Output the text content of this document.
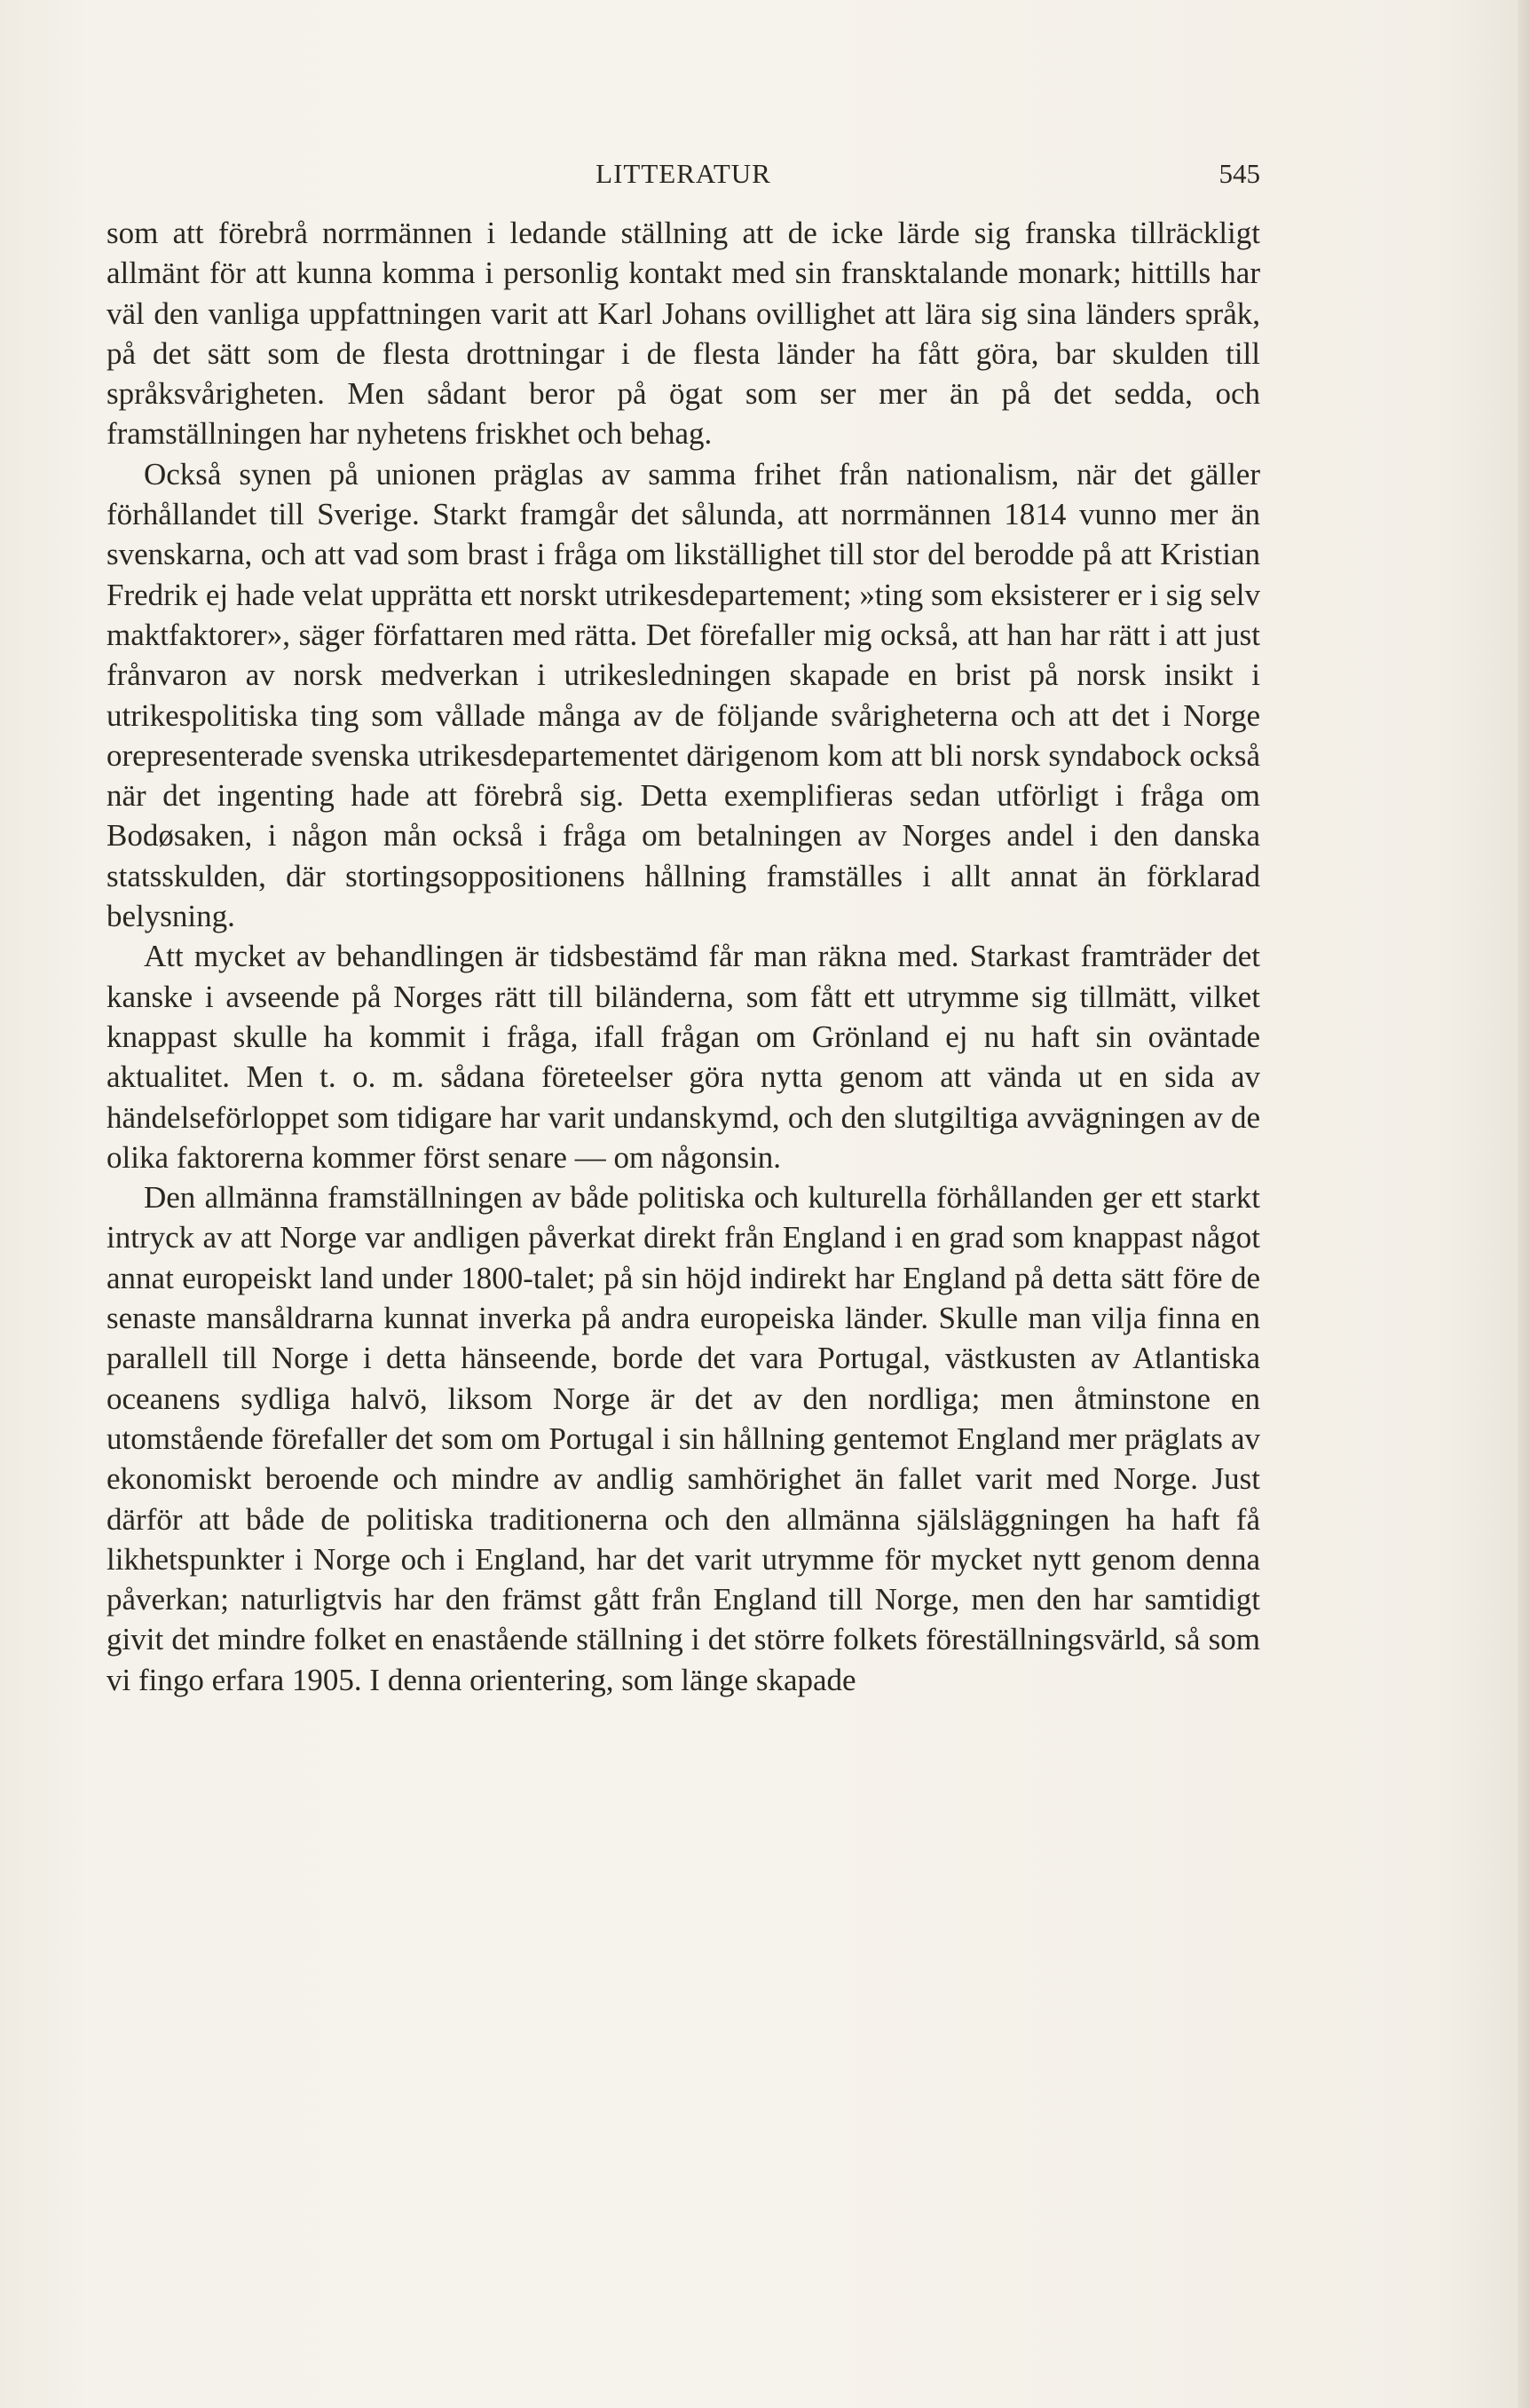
LITTERATUR	545

som att förebrå norrmännen i ledande ställning att de icke lärde sig franska tillräckligt allmänt för att kunna komma i personlig kontakt med sin fransktalande monark; hittills har väl den vanliga uppfattningen varit att Karl Johans ovillighet att lära sig sina länders språk, på det sätt som de flesta drottningar i de flesta länder ha fått göra, bar skulden till språksvårigheten. Men sådant beror på ögat som ser mer än på det sedda, och framställningen har nyhetens friskhet och behag.

Också synen på unionen präglas av samma frihet från nationalism, när det gäller förhållandet till Sverige. Starkt framgår det sålunda, att norrmännen 1814 vunno mer än svenskarna, och att vad som brast i fråga om likställighet till stor del berodde på att Kristian Fredrik ej hade velat upprätta ett norskt utrikesdepartement; »ting som eksisterer er i sig selv maktfaktorer», säger författaren med rätta. Det förefaller mig också, att han har rätt i att just frånvaron av norsk medverkan i utrikesledningen skapade en brist på norsk insikt i utrikespolitiska ting som vållade många av de följande svårigheterna och att det i Norge orepresenterade svenska utrikesdepartementet därigenom kom att bli norsk syndabock också när det ingenting hade att förebrå sig. Detta exemplifieras sedan utförligt i fråga om Bodøsaken, i någon mån också i fråga om betalningen av Norges andel i den danska statsskulden, där stortingsoppositionens hållning framställes i allt annat än förklarad belysning.

Att mycket av behandlingen är tidsbestämd får man räkna med. Starkast framträder det kanske i avseende på Norges rätt till biländerna, som fått ett utrymme sig tillmätt, vilket knappast skulle ha kommit i fråga, ifall frågan om Grönland ej nu haft sin oväntade aktualitet. Men t. o. m. sådana företeelser göra nytta genom att vända ut en sida av händelseförloppet som tidigare har varit undanskymd, och den slutgiltiga avvägningen av de olika faktorerna kommer först senare — om någonsin.

Den allmänna framställningen av både politiska och kulturella förhållanden ger ett starkt intryck av att Norge var andligen påverkat direkt från England i en grad som knappast något annat europeiskt land under 1800-talet; på sin höjd indirekt har England på detta sätt före de senaste mansåldrarna kunnat inverka på andra europeiska länder. Skulle man vilja finna en parallell till Norge i detta hänseende, borde det vara Portugal, västkusten av Atlantiska oceanens sydliga halvö, liksom Norge är det av den nordliga; men åtminstone en utomstående förefaller det som om Portugal i sin hållning gentemot England mer präglats av ekonomiskt beroende och mindre av andlig samhörighet än fallet varit med Norge. Just därför att både de politiska traditionerna och den allmänna själsläggningen ha haft få likhetspunkter i Norge och i England, har det varit utrymme för mycket nytt genom denna påverkan; naturligtvis har den främst gått från England till Norge, men den har samtidigt givit det mindre folket en enastående ställning i det större folkets föreställningsvärld, så som vi fingo erfara 1905. I denna orientering, som länge skapade
